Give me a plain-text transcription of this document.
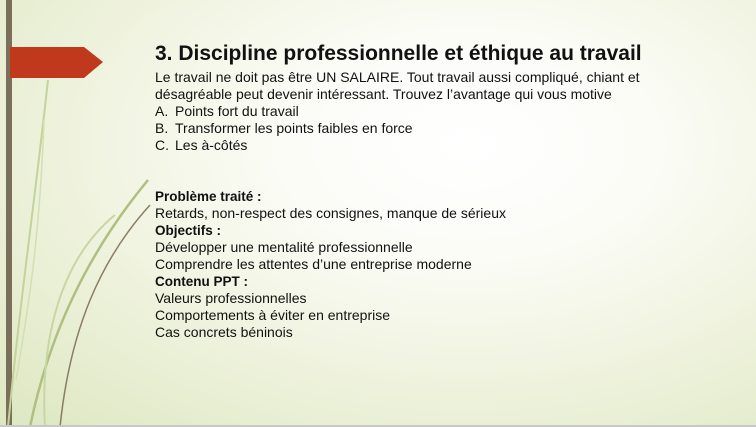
3. Discipline professionnelle et éthique au travail

Le travail ne doit pas être UN SALAIRE. Tout travail aussi compliqué, chiant et

désagréable peut devenir intéressant. Trouvez l’avantage qui vous motive

A. Points fort du travail
B. Transformer les points faibles en force
C. Les à-côtés

Problème traité :

Retards, non-respect des consignes, manque de sérieux

Objectifs :

Développer une mentalité professionnelle

Comprendre les attentes d’une entreprise moderne

Contenu PPT :

Valeurs professionnelles

Comportements à éviter en entreprise

Cas concrets béninois
